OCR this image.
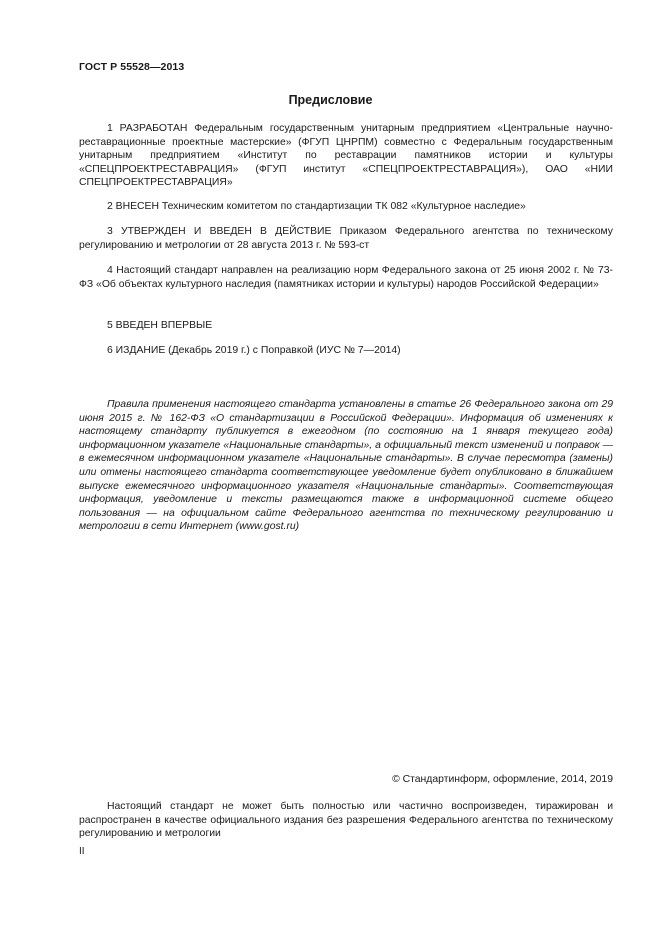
ГОСТ Р 55528—2013
Предисловие

1 РАЗРАБОТАН Федеральным государственным унитарным предприятием «Центральные научно-реставрационные проектные мастерские» (ФГУП ЦНРПМ) совместно с Федеральным государственным унитарным предприятием «Институт по реставрации памятников истории и культуры «СПЕЦПРОЕКТРЕСТАВРАЦИЯ» (ФГУП институт «СПЕЦПРОЕКТРЕСТАВРАЦИЯ»), ОАО «НИИ СПЕЦПРОЕКТРЕСТАВРАЦИЯ»

2 ВНЕСЕН Техническим комитетом по стандартизации ТК 082 «Культурное наследие»

3 УТВЕРЖДЕН И ВВЕДЕН В ДЕЙСТВИЕ Приказом Федерального агентства по техническому регулированию и метрологии от 28 августа 2013 г. № 593-ст

4 Настоящий стандарт направлен на реализацию норм Федерального закона от 25 июня 2002 г. № 73-ФЗ «Об объектах культурного наследия (памятниках истории и культуры) народов Российской Федерации»

5 ВВЕДЕН ВПЕРВЫЕ

6 ИЗДАНИЕ (Декабрь 2019 г.) с Поправкой (ИУС № 7—2014)

Правила применения настоящего стандарта установлены в статье 26 Федерального закона от 29 июня 2015 г. № 162-ФЗ «О стандартизации в Российской Федерации». Информация об изменениях к настоящему стандарту публикуется в ежегодном (по состоянию на 1 января текущего года) информационном указателе «Национальные стандарты», а официальный текст изменений и поправок — в ежемесячном информационном указателе «Национальные стандарты». В случае пересмотра (замены) или отмены настоящего стандарта соответствующее уведомление будет опубликовано в ближайшем выпуске ежемесячного информационного указателя «Национальные стандарты». Соответствующая информация, уведомление и тексты размещаются также в информационной системе общего пользования — на официальном сайте Федерального агентства по техническому регулированию и метрологии в сети Интернет (www.gost.ru)

© Стандартинформ, оформление, 2014, 2019

Настоящий стандарт не может быть полностью или частично воспроизведен, тиражирован и распространен в качестве официального издания без разрешения Федерального агентства по техническому регулированию и метрологии

II
